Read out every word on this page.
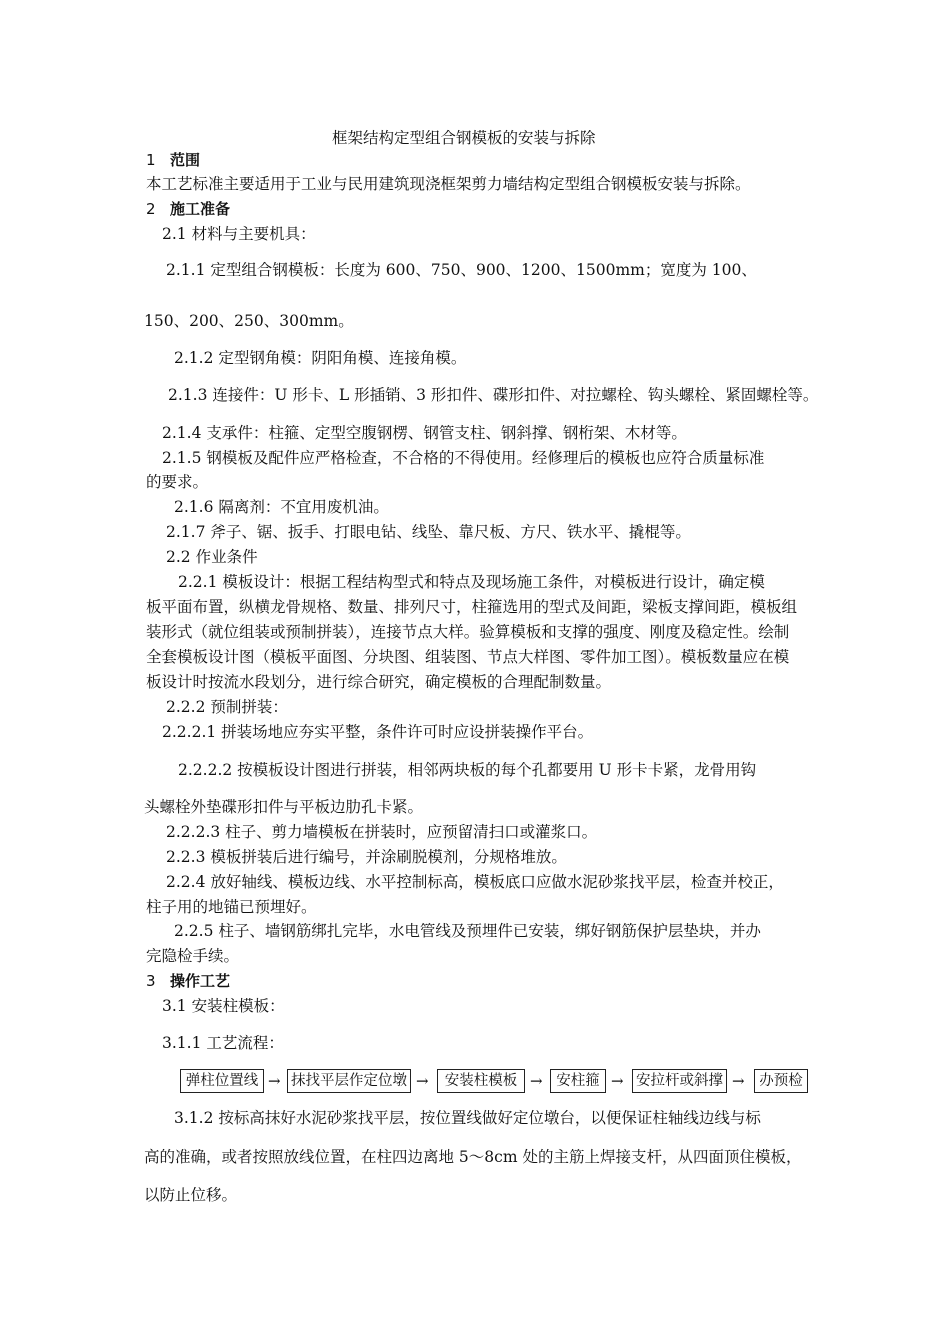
框架结构定型组合钢模板的安装与拆除
1 范围
本工艺标准主要适用于工业与民用建筑现浇框架剪力墙结构定型组合钢模板安装与拆除。
2 施工准备
2.1 材料与主要机具：
2.1.1 定型组合钢模板：长度为 600、750、900、1200、1500mm；宽度为 100、
150、200、250、300mm。
2.1.2 定型钢角模：阴阳角模、连接角模。
2.1.3 连接件：U 形卡、L 形插销、3 形扣件、碟形扣件、对拉螺栓、钩头螺栓、紧固螺栓等。
2.1.4 支承件：柱箍、定型空腹钢楞、钢管支柱、钢斜撑、钢桁架、木材等。
2.1.5 钢模板及配件应严格检查，不合格的不得使用。经修理后的模板也应符合质量标准
的要求。
2.1.6 隔离剂：不宜用废机油。
2.1.7 斧子、锯、扳手、打眼电钻、线坠、靠尺板、方尺、铁水平、撬棍等。
2.2 作业条件
2.2.1 模板设计：根据工程结构型式和特点及现场施工条件，对模板进行设计，确定模
板平面布置，纵横龙骨规格、数量、排列尺寸，柱箍选用的型式及间距，梁板支撑间距，模板组
装形式（就位组装或预制拼装），连接节点大样。验算模板和支撑的强度、刚度及稳定性。绘制
全套模板设计图（模板平面图、分块图、组装图、节点大样图、零件加工图）。模板数量应在模
板设计时按流水段划分，进行综合研究，确定模板的合理配制数量。
2.2.2 预制拼装：
2.2.2.1 拼装场地应夯实平整，条件许可时应设拼装操作平台。
2.2.2.2 按模板设计图进行拼装，相邻两块板的每个孔都要用 U 形卡卡紧，龙骨用钩
头螺栓外垫碟形扣件与平板边肋孔卡紧。
2.2.2.3 柱子、剪力墙模板在拼装时，应预留清扫口或灌浆口。
2.2.3 模板拼装后进行编号，并涂刷脱模剂，分规格堆放。
2.2.4 放好轴线、模板边线、水平控制标高，模板底口应做水泥砂浆找平层，检查并校正，
柱子用的地锚已预埋好。
2.2.5 柱子、墙钢筋绑扎完毕，水电管线及预埋件已安装，绑好钢筋保护层垫块，并办
完隐检手续。
3 操作工艺
3.1 安装柱模板：
3.1.1 工艺流程：
弹柱位置线 → 抹找平层作定位墩 →	安装柱模板 → 安柱箍 → 安拉杆或斜撑 →	办预检
3.1.2 按标高抹好水泥砂浆找平层，按位置线做好定位墩台，以便保证柱轴线边线与标
高的准确，或者按照放线位置，在柱四边离地 5～8cm 处的主筋上焊接支杆，从四面顶住模板，
以防止位移。
